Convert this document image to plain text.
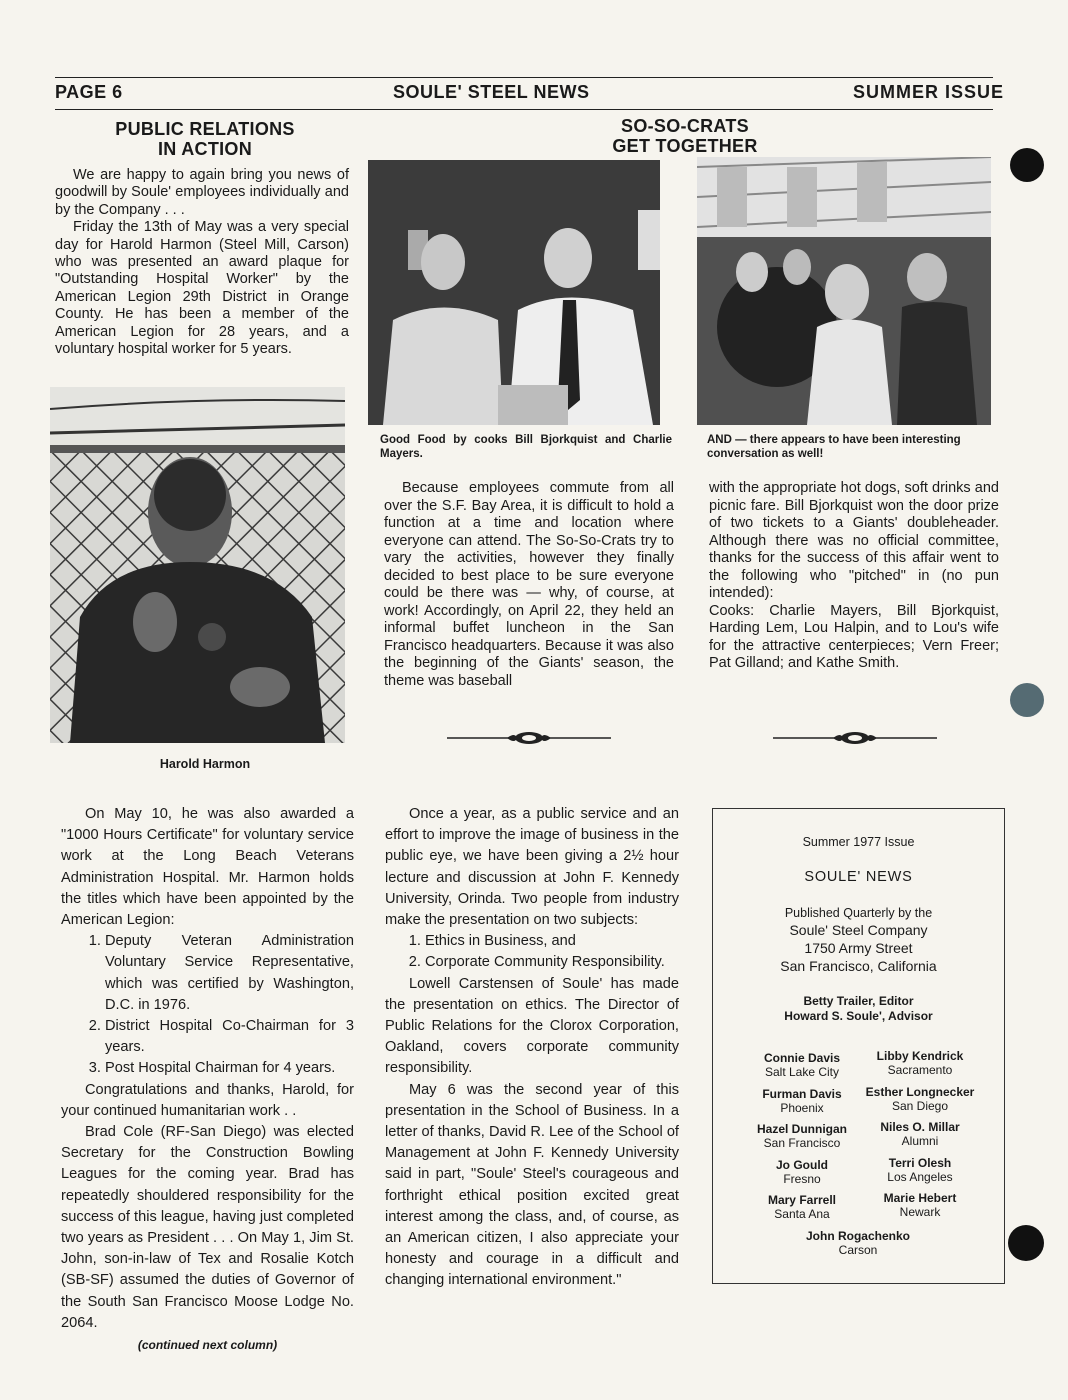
PAGE 6	SOULE' STEEL NEWS	SUMMER ISSUE
PUBLIC RELATIONS
IN ACTION

We are happy to again bring you news of goodwill by Soule' employees individually and by the Company . . .

Friday the 13th of May was a very special day for Harold Harmon (Steel Mill, Carson) who was presented an award plaque for "Outstanding Hospital Worker" by the American Legion 29th District in Orange County. He has been a member of the American Legion for 28 years, and a voluntary hospital worker for 5 years.

Harold Harmon
SO-SO-CRATS
GET TOGETHER
Good Food by cooks Bill Bjorkquist and Charlie Mayers.
AND — there appears to have been interesting conversation as well!

Because employees commute from all over the S.F. Bay Area, it is difficult to hold a function at a time and location where everyone can attend. The So-So-Crats try to vary the activities, however they finally decided to best place to be sure everyone could be there was — why, of course, at work! Accordingly, on April 22, they held an informal buffet luncheon in the San Francisco headquarters. Because it was also the beginning of the Giants' season, the theme was baseball

with the appropriate hot dogs, soft drinks and picnic fare. Bill Bjorkquist won the door prize of two tickets to a Giants' doubleheader. Although there was no official committee, thanks for the success of this affair went to the following who "pitched" in (no pun intended):

Cooks: Charlie Mayers, Bill Bjorkquist, Harding Lem, Lou Halpin, and to Lou's wife for the attractive centerpieces; Vern Freer; Pat Gilland; and Kathe Smith.

On May 10, he was also awarded a "1000 Hours Certificate" for voluntary service work at the Long Beach Veterans Administration Hospital. Mr. Harmon holds the titles which have been appointed by the American Legion:

1. Deputy Veteran Administration Voluntary Service Representative, which was certified by Washington, D.C. in 1976.
2. District Hospital Co-Chairman for 3 years.
3. Post Hospital Chairman for 4 years.

Congratulations and thanks, Harold, for your continued humanitarian work . .

Brad Cole (RF-San Diego) was elected Secretary for the Construction Bowling Leagues for the coming year. Brad has repeatedly shouldered responsibility for the success of this league, having just completed two years as President . . . On May 1, Jim St. John, son-in-law of Tex and Rosalie Kotch (SB-SF) assumed the duties of Governor of the South San Francisco Moose Lodge No. 2064.

(continued next column)

Once a year, as a public service and an effort to improve the image of business in the public eye, we have been giving a 2½ hour lecture and discussion at John F. Kennedy University, Orinda. Two people from industry make the presentation on two subjects:

1. Ethics in Business, and
2. Corporate Community Responsibility.

Lowell Carstensen of Soule' has made the presentation on ethics. The Director of Public Relations for the Clorox Corporation, Oakland, covers corporate community responsibility.

May 6 was the second year of this presentation in the School of Business. In a letter of thanks, David R. Lee of the School of Management at John F. Kennedy University said in part, "Soule' Steel's courageous and forthright ethical position excited great interest among the class, and, of course, as an American citizen, I also appreciate your honesty and courage in a difficult and changing international environment."

Summer 1977 Issue
SOULE' NEWS
Published Quarterly by the
Soule' Steel Company
1750 Army Street
San Francisco, California
Betty Trailer, Editor
Howard S. Soule', Advisor
Connie Davis
Salt Lake City
Furman Davis
Phoenix
Hazel Dunnigan
San Francisco
Jo Gould
Fresno
Mary Farrell
Santa Ana
Libby Kendrick
Sacramento
Esther Longnecker
San Diego
Niles O. Millar
Alumni
Terri Olesh
Los Angeles
Marie Hebert
Newark
John Rogachenko
Carson
